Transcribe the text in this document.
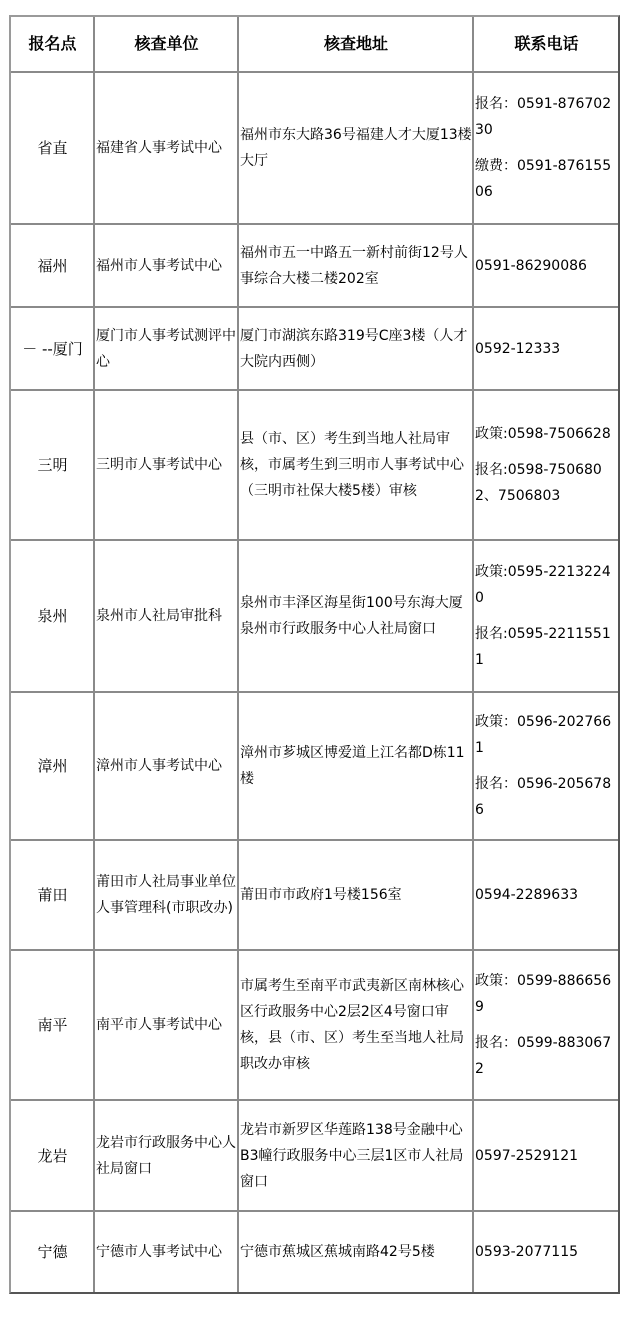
报名点	核查单位	核查地址	联系电话
省直	福建省人事考试中心	福州市东大路36号福建人才大厦13楼大厅	报名：0591-87670230

缴费：0591-87615506

福州	福州市人事考试中心	福州市五一中路五一新村前街12号人事综合大楼二楼202室	0591-86290086

－ --厦门	厦门市人事考试测评中心	厦门市湖滨东路319号C座3楼（人才大院内西侧）	0592-12333

三明	三明市人事考试中心	县（市、区）考生到当地人社局审核，市属考生到三明市人事考试中心（三明市社保大楼5楼）审核	政策:0598-7506628

报名:0598-7506802、7506803

泉州	泉州市人社局审批科	泉州市丰泽区海星街100号东海大厦泉州市行政服务中心人社局窗口	政策:0595-22132240

报名:0595-22115511

漳州	漳州市人事考试中心	漳州市芗城区博爱道上江名都D栋11楼	政策：0596-2027661

报名：0596-2056786

莆田	莆田市人社局事业单位人事管理科(市职改办)	莆田市市政府1号楼156室	0594-2289633

南平	南平市人事考试中心	市属考生至南平市武夷新区南林核心区行政服务中心2层2区4号窗口审核，县（市、区）考生至当地人社局职改办审核	政策：0599-8866569

报名：0599-8830672

龙岩	龙岩市行政服务中心人社局窗口	龙岩市新罗区华莲路138号金融中心B3幢行政服务中心三层1区市人社局窗口	0597-2529121

宁德	宁德市人事考试中心	宁德市蕉城区蕉城南路42号5楼	0593-2077115
